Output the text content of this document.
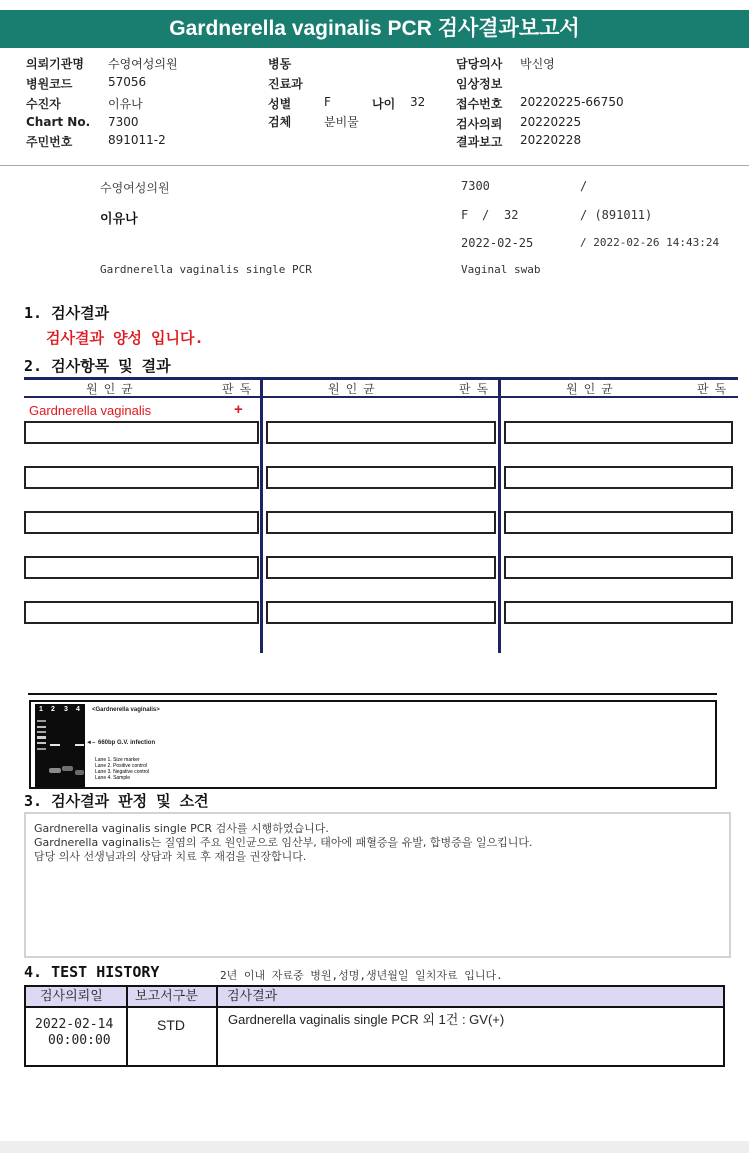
Gardnerella vaginalis PCR 검사결과보고서
의뢰기관명 수영여성의원
병원코드	57056
수진자	이유나
Chart No. 7300
주민번호	891011-2
병동
진료과
성별	F	나이 32
검체	분비물
담당의사 박신영
임상정보
접수번호 20220225-66750
검사의뢰 20220225
결과보고 20220228
수영여성의원	7300	/
이유나	F / 32	/ (891011)
2022-02-25	/ 2022-02-26 14:43:24
Gardnerella vaginalis single PCR	Vaginal swab
1. 검사결과
검사결과 양성 입니다.
2. 검사항목 및 결과
원인균	판독	원인균	판독	원인균	판독
Gardnerella vaginalis	+
1 2 3 4 <Gardnerella vaginalis>
◄– 660bp G.V. infection
Lane 1. Size marker
Lane 2. Positive control
Lane 3. Negative control
Lane 4. Sample
3. 검사결과 판정 및 소견
Gardnerella vaginalis single PCR 검사를 시행하였습니다.
Gardnerella vaginalis는 질염의 주요 원인균으로 임산부, 태아에 패혈증을 유발, 합병증을 일으킵니다.
담당 의사 선생님과의 상담과 치료 후 재검을 권장합니다.
4. TEST HISTORY	2년 이내 자료중 병원,성명,생년월일 일치자료 입니다.
검사의뢰일 보고서구분 검사결과
2022-02-14
00:00:00
STD	Gardnerella vaginalis single PCR 외 1건 : GV(+)
